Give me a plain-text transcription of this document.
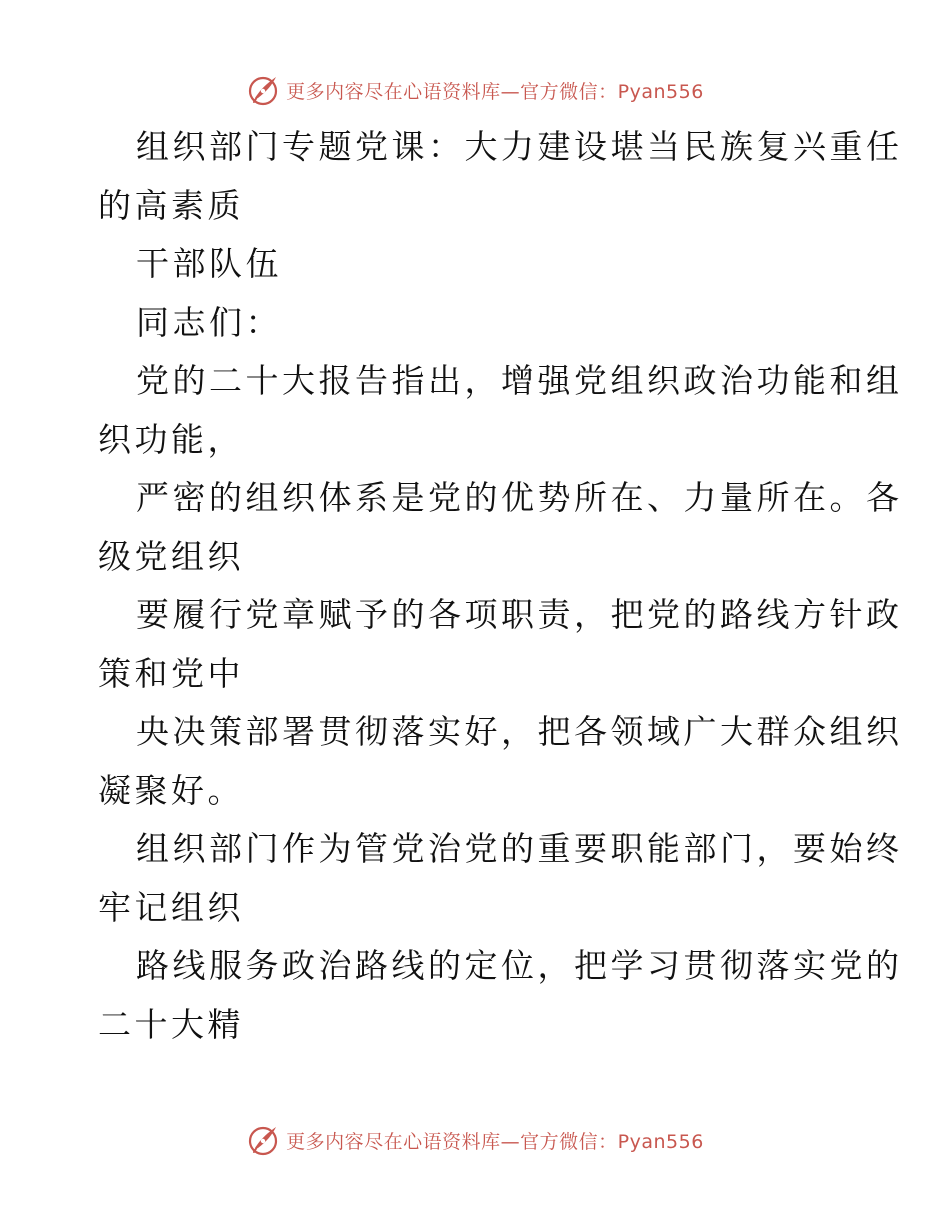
更多内容尽在心语资料库—官方微信：Pyan556
组织部门专题党课：大力建设堪当民族复兴重任
的高素质
干部队伍
同志们：
党的二十大报告指出，增强党组织政治功能和组
织功能，
严密的组织体系是党的优势所在、力量所在。各
级党组织
要履行党章赋予的各项职责，把党的路线方针政
策和党中
央决策部署贯彻落实好，把各领域广大群众组织
凝聚好。
组织部门作为管党治党的重要职能部门，要始终
牢记组织
路线服务政治路线的定位，把学习贯彻落实党的
二十大精
更多内容尽在心语资料库—官方微信：Pyan556
